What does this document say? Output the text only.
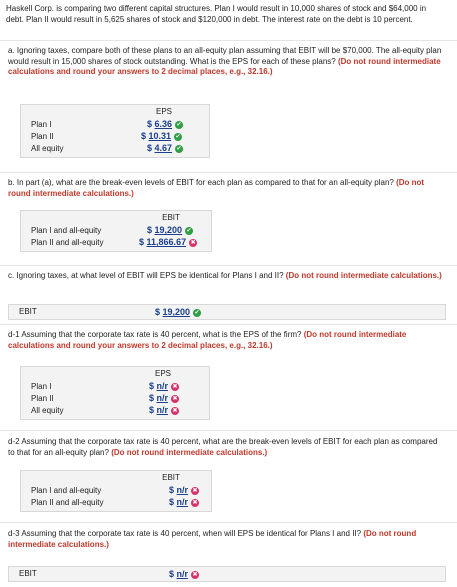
Haskell Corp. is comparing two different capital structures. Plan I would result in 10,000 shares of stock and $64,000 in debt. Plan II would result in 5,625 shares of stock and $120,000 in debt. The interest rate on the debt is 10 percent.
a. Ignoring taxes, compare both of these plans to an all-equity plan assuming that EBIT will be $70,000. The all-equity plan would result in 15,000 shares of stock outstanding. What is the EPS for each of these plans? (Do not round intermediate calculations and round your answers to 2 decimal places, e.g., 32.16.)
EPS
Plan I	$ 6.36 ✔
Plan II	$ 10.31 ✔
All equity	$ 4.67 ✔
b. In part (a), what are the break-even levels of EBIT for each plan as compared to that for an all-equity plan? (Do not round intermediate calculations.)
EBIT
Plan I and all-equity	$ 19,200 ✔
Plan II and all-equity	$ 11,866.67 ✖
c. Ignoring taxes, at what level of EBIT will EPS be identical for Plans I and II? (Do not round intermediate calculations.)
EBIT	$ 19,200 ✔
d-1 Assuming that the corporate tax rate is 40 percent, what is the EPS of the firm? (Do not round intermediate calculations and round your answers to 2 decimal places, e.g., 32.16.)
EPS
Plan I	$ n/r ✖
Plan II	$ n/r ✖
All equity	$ n/r ✖
d-2 Assuming that the corporate tax rate is 40 percent, what are the break-even levels of EBIT for each plan as compared to that for an all-equity plan? (Do not round intermediate calculations.)
EBIT
Plan I and all-equity	$ n/r ✖
Plan II and all-equity	$ n/r ✖
d-3 Assuming that the corporate tax rate is 40 percent, when will EPS be identical for Plans I and II? (Do not round intermediate calculations.)
EBIT	$ n/r ✖
